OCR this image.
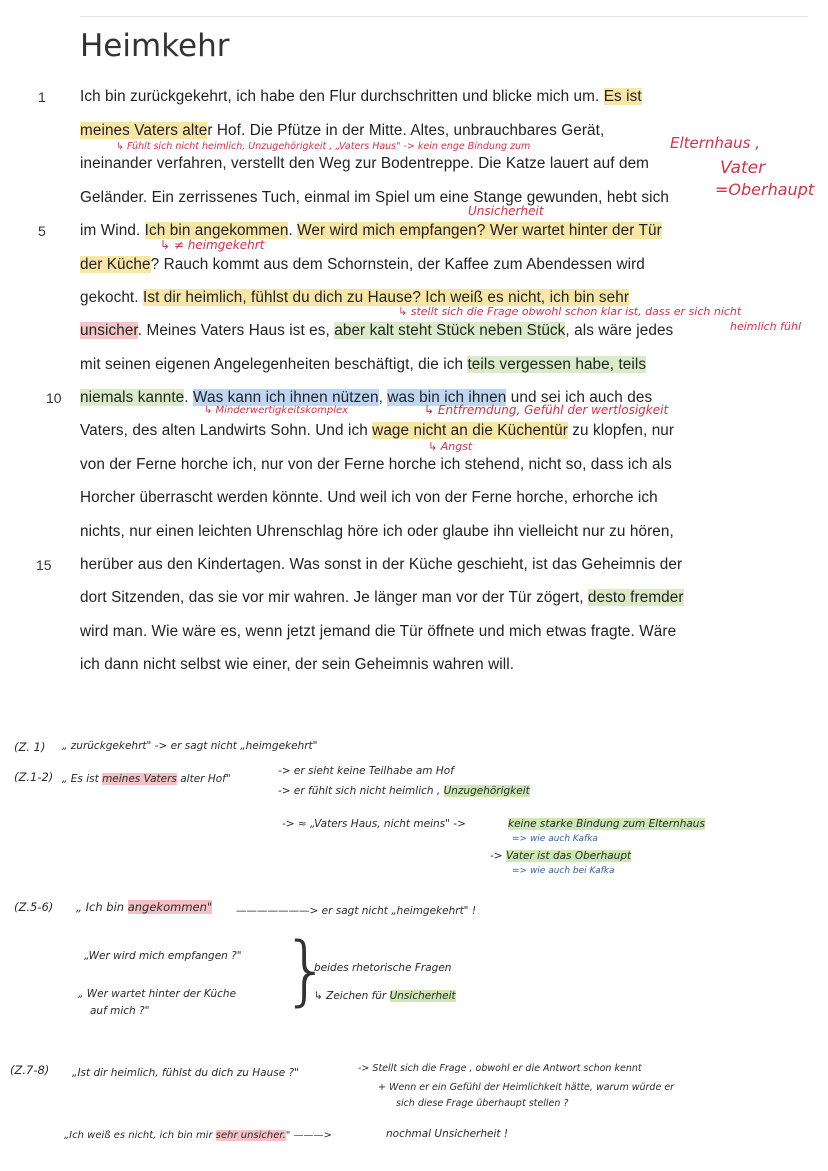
Heimkehr
1 Ich bin zurückgekehrt, ich habe den Flur durchschritten und blicke mich um. Es ist
meines Vaters alter Hof. Die Pfütze in der Mitte. Altes, unbrauchbares Gerät,
↳ Fühlt sich nicht heimlich, Unzugehörigkeit , „Vaters Haus" -> kein enge Bindung zum	Elternhaus ,
ineinander verfahren, verstellt den Weg zur Bodentreppe. Die Katze lauert auf dem	Vater
Geländer. Ein zerrissenes Tuch, einmal im Spiel um eine Stange gewunden, hebt sich	=Oberhaupt
Unsicherheit
5 im Wind. Ich bin angekommen. Wer wird mich empfangen? Wer wartet hinter der Tür
↳ ≠ heimgekehrt
der Küche? Rauch kommt aus dem Schornstein, der Kaffee zum Abendessen wird
gekocht. Ist dir heimlich, fühlst du dich zu Hause? Ich weiß es nicht, ich bin sehr
↳ stellt sich die Frage obwohl schon klar ist, dass er sich nicht
unsicher. Meines Vaters Haus ist es, aber kalt steht Stück neben Stück, als wäre jedes	heimlich fühl
mit seinen eigenen Angelegenheiten beschäftigt, die ich teils vergessen habe, teils
10 niemals kannte. Was kann ich ihnen nützen, was bin ich ihnen und sei ich auch des
↳ Minderwertigkeitskomplex	↳ Entfremdung, Gefühl der wertlosigkeit
Vaters, des alten Landwirts Sohn. Und ich wage nicht an die Küchentür zu klopfen, nur
↳ Angst
von der Ferne horche ich, nur von der Ferne horche ich stehend, nicht so, dass ich als
Horcher überrascht werden könnte. Und weil ich von der Ferne horche, erhorche ich
nichts, nur einen leichten Uhrenschlag höre ich oder glaube ihn vielleicht nur zu hören,
15 herüber aus den Kindertagen. Was sonst in der Küche geschieht, ist das Geheimnis der
dort Sitzenden, das sie vor mir wahren. Je länger man vor der Tür zögert, desto fremder
wird man. Wie wäre es, wenn jetzt jemand die Tür öffnete und mich etwas fragte. Wäre
ich dann nicht selbst wie einer, der sein Geheimnis wahren will.
(Z. 1) „ zurückgekehrt" -> er sagt nicht „heimgekehrt"
(Z.1-2) „ Es ist meines Vaters alter Hof"
-> er sieht keine Teilhabe am Hof
-> er fühlt sich nicht heimlich , Unzugehörigkeit
-> ≈ „Vaters Haus, nicht meins" ->	keine starke Bindung zum Elternhaus
=> wie auch Kafka
-> Vater ist das Oberhaupt
=> wie auch bei Kafka
(Z.5-6) „ Ich bin angekommen" ———————> er sagt nicht „heimgekehrt" !
„Wer wird mich empfangen ?"
„ Wer wartet hinter der Küche
auf mich ?" }
beides rhetorische Fragen
↳ Zeichen für Unsicherheit
(Z.7-8) „Ist dir heimlich, fühlst du dich zu Hause ?"	-> Stellt sich die Frage , obwohl er die Antwort schon kennt
+ Wenn er ein Gefühl der Heimlichkeit hätte, warum würde er
sich diese Frage überhaupt stellen ?
„Ich weiß es nicht, ich bin mir sehr unsicher." ———>	nochmal Unsicherheit !
